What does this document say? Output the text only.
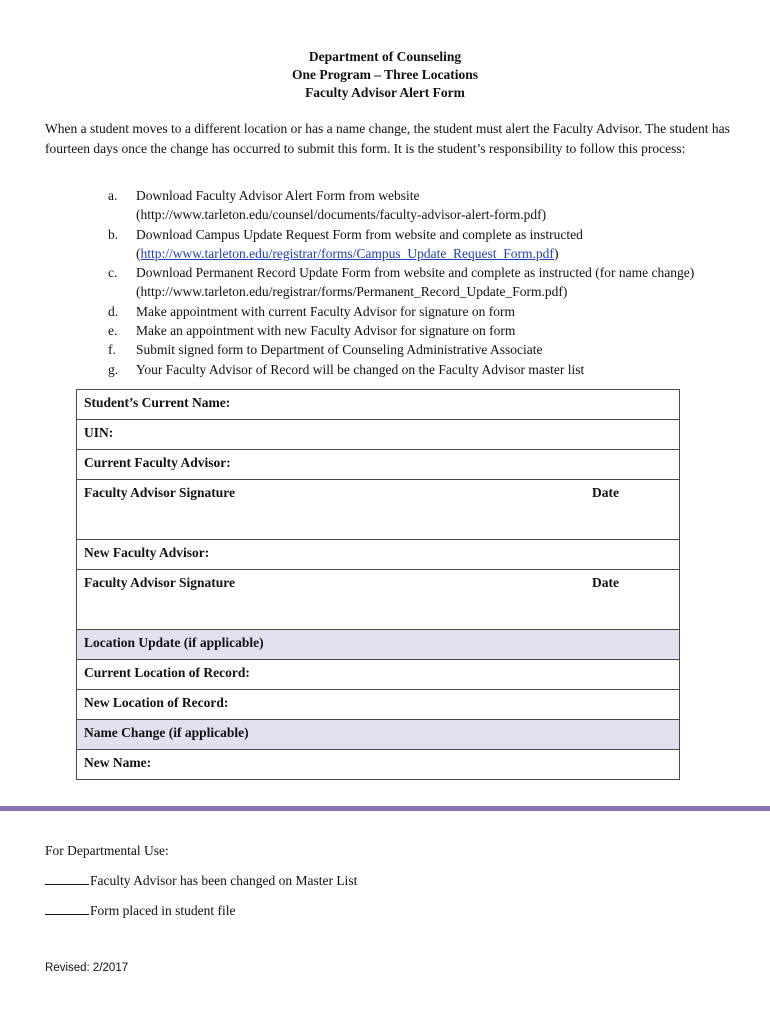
Department of Counseling
One Program – Three Locations
Faculty Advisor Alert Form
When a student moves to a different location or has a name change, the student must alert the Faculty Advisor. The student has fourteen days once the change has occurred to submit this form. It is the student’s responsibility to follow this process:
a.	Download Faculty Advisor Alert Form from website
(http://www.tarleton.edu/counsel/documents/faculty-advisor-alert-form.pdf)
b.	Download Campus Update Request Form from website and complete as instructed
(http://www.tarleton.edu/registrar/forms/Campus_Update_Request_Form.pdf)
c.	Download Permanent Record Update Form from website and complete as instructed (for name change) (http://www.tarleton.edu/registrar/forms/Permanent_Record_Update_Form.pdf)
d.	Make appointment with current Faculty Advisor for signature on form
e.	Make an appointment with new Faculty Advisor for signature on form
f.	Submit signed form to Department of Counseling Administrative Associate
g.	Your Faculty Advisor of Record will be changed on the Faculty Advisor master list
Student’s Current Name:
UIN:
Current Faculty Advisor:

Faculty Advisor Signature	Date

New Faculty Advisor:

Faculty Advisor Signature	Date

Location Update (if applicable)
Current Location of Record:
New Location of Record:
Name Change (if applicable)
New Name:
For Departmental Use:
Faculty Advisor has been changed on Master List
Form placed in student file
Revised: 2/2017
